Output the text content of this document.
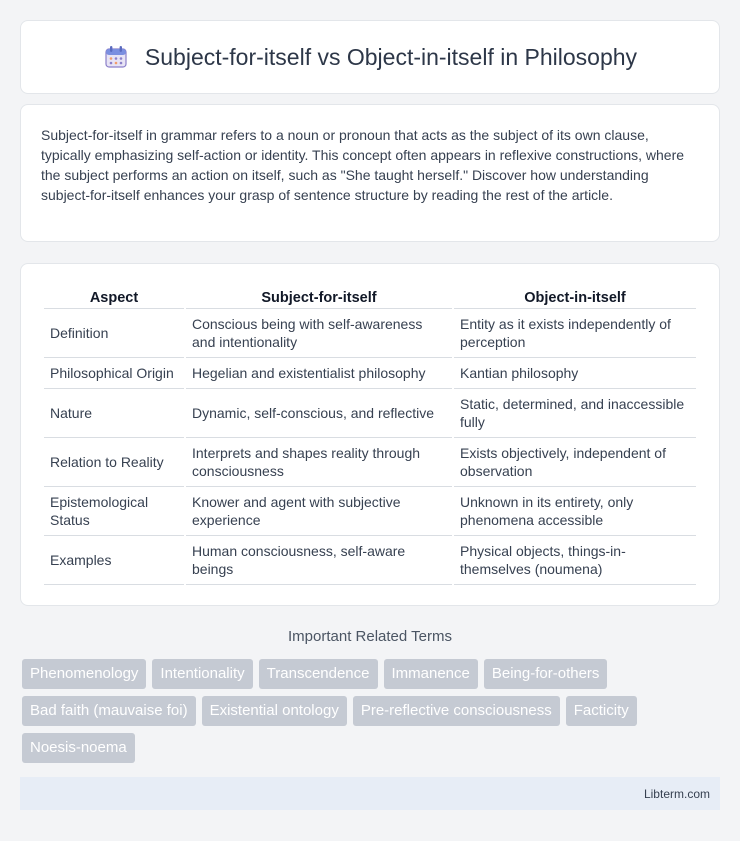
Subject-for-itself vs Object-in-itself in Philosophy

Subject-for-itself in grammar refers to a noun or pronoun that acts as the subject of its own clause, typically emphasizing self-action or identity. This concept often appears in reflexive constructions, where the subject performs an action on itself, such as "She taught herself." Discover how understanding subject-for-itself enhances your grasp of sentence structure by reading the rest of the article.

Aspect	Subject-for-itself	Object-in-itself
Definition	Conscious being with self-awareness and intentionality	Entity as it exists independently of perception
Philosophical Origin	Hegelian and existentialist philosophy	Kantian philosophy
Nature	Dynamic, self-conscious, and reflective	Static, determined, and inaccessible fully
Relation to Reality	Interprets and shapes reality through consciousness	Exists objectively, independent of observation
Epistemological Status	Knower and agent with subjective experience	Unknown in its entirety, only phenomena accessible
Examples	Human consciousness, self-aware beings	Physical objects, things-in-themselves (noumena)
Important Related Terms
Phenomenology	Intentionality	Transcendence	Immanence	Being-for-others
Bad faith (mauvaise foi)	Existential ontology	Pre-reflective consciousness	Facticity
Noesis-noema
Libterm.com
